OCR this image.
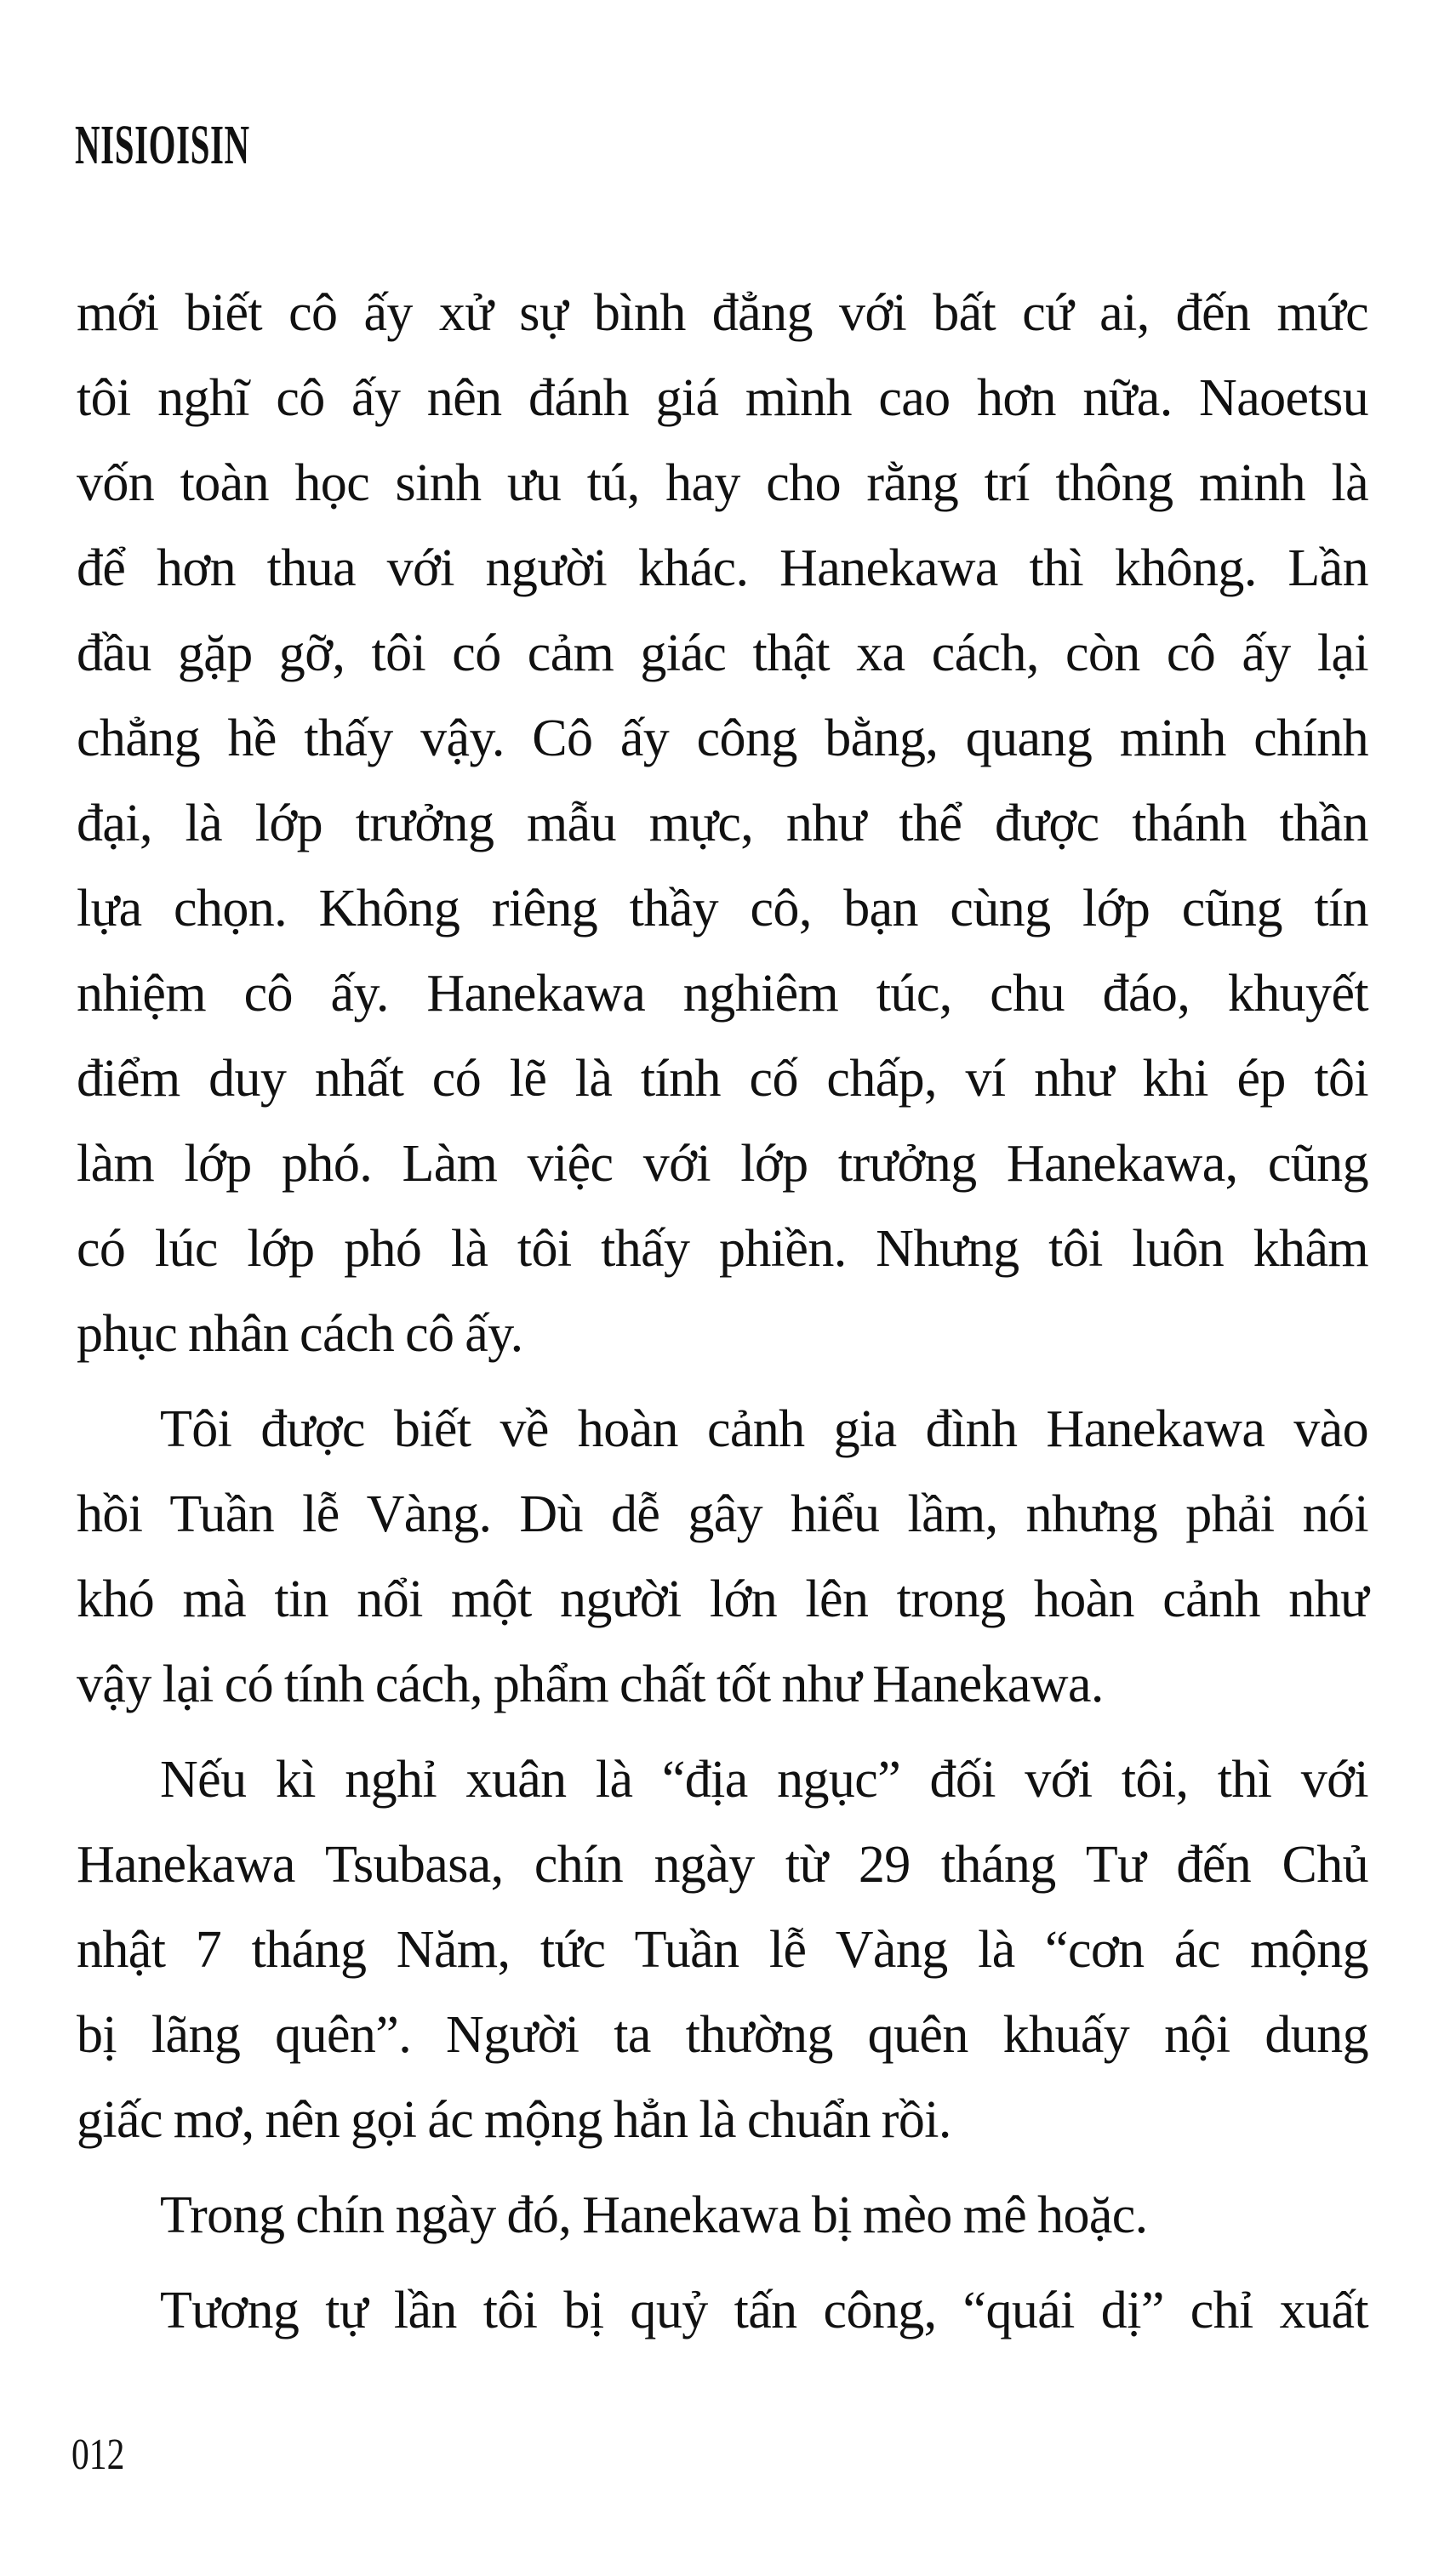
NISIOISIN
mới biết cô ấy xử sự bình đẳng với bất cứ ai, đến mức
tôi nghĩ cô ấy nên đánh giá mình cao hơn nữa. Naoetsu
vốn toàn học sinh ưu tú, hay cho rằng trí thông minh là
để hơn thua với người khác. Hanekawa thì không. Lần
đầu gặp gỡ, tôi có cảm giác thật xa cách, còn cô ấy lại
chẳng hề thấy vậy. Cô ấy công bằng, quang minh chính
đại, là lớp trưởng mẫu mực, như thể được thánh thần
lựa chọn. Không riêng thầy cô, bạn cùng lớp cũng tín
nhiệm cô ấy. Hanekawa nghiêm túc, chu đáo, khuyết
điểm duy nhất có lẽ là tính cố chấp, ví như khi ép tôi
làm lớp phó. Làm việc với lớp trưởng Hanekawa, cũng
có lúc lớp phó là tôi thấy phiền. Nhưng tôi luôn khâm
phục nhân cách cô ấy.
Tôi được biết về hoàn cảnh gia đình Hanekawa vào
hồi Tuần lễ Vàng. Dù dễ gây hiểu lầm, nhưng phải nói
khó mà tin nổi một người lớn lên trong hoàn cảnh như
vậy lại có tính cách, phẩm chất tốt như Hanekawa.
Nếu kì nghỉ xuân là “địa ngục” đối với tôi, thì với
Hanekawa Tsubasa, chín ngày từ 29 tháng Tư đến Chủ
nhật 7 tháng Năm, tức Tuần lễ Vàng là “cơn ác mộng
bị lãng quên”. Người ta thường quên khuấy nội dung
giấc mơ, nên gọi ác mộng hẳn là chuẩn rồi.
Trong chín ngày đó, Hanekawa bị mèo mê hoặc.
Tương tự lần tôi bị quỷ tấn công, “quái dị” chỉ xuất
012
